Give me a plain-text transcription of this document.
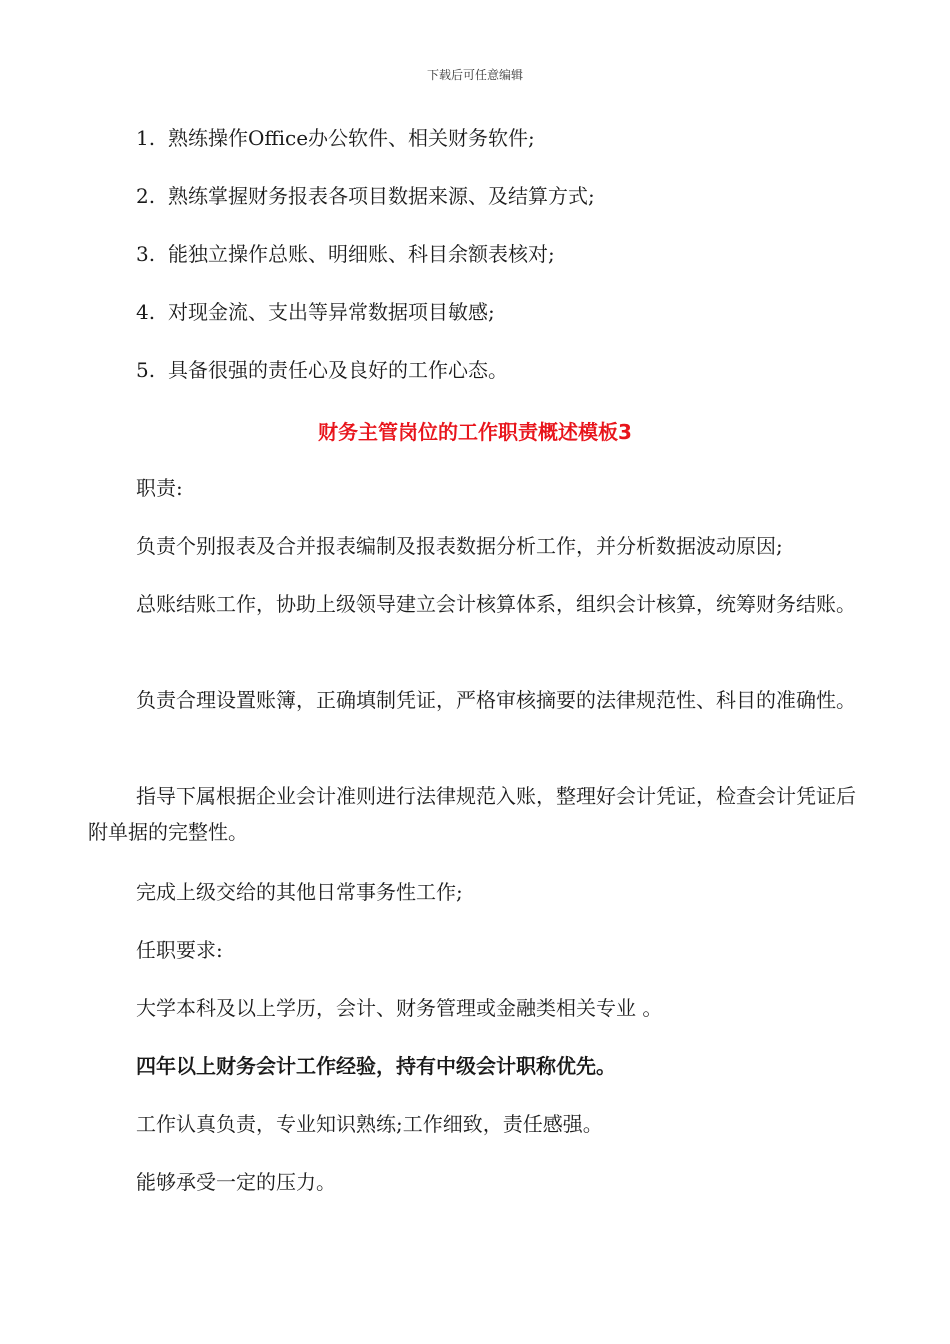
下载后可任意编辑

1. 熟练操作Office办公软件、相关财务软件;

2. 熟练掌握财务报表各项目数据来源、及结算方式;

3. 能独立操作总账、明细账、科目余额表核对;

4. 对现金流、支出等异常数据项目敏感;

5. 具备很强的责任心及良好的工作心态。

财务主管岗位的工作职责概述模板3

职责:

负责个别报表及合并报表编制及报表数据分析工作，并分析数据波动原因;

总账结账工作，协助上级领导建立会计核算体系，组织会计核算，统筹财务结账。

负责合理设置账簿，正确填制凭证，严格审核摘要的法律规范性、科目的准确性。

指导下属根据企业会计准则进行法律规范入账，整理好会计凭证，检查会计凭证后附单据的完整性。

完成上级交给的其他日常事务性工作;

任职要求:

大学本科及以上学历，会计、财务管理或金融类相关专业 。

四年以上财务会计工作经验，持有中级会计职称优先。

工作认真负责，专业知识熟练;工作细致，责任感强。

能够承受一定的压力。
